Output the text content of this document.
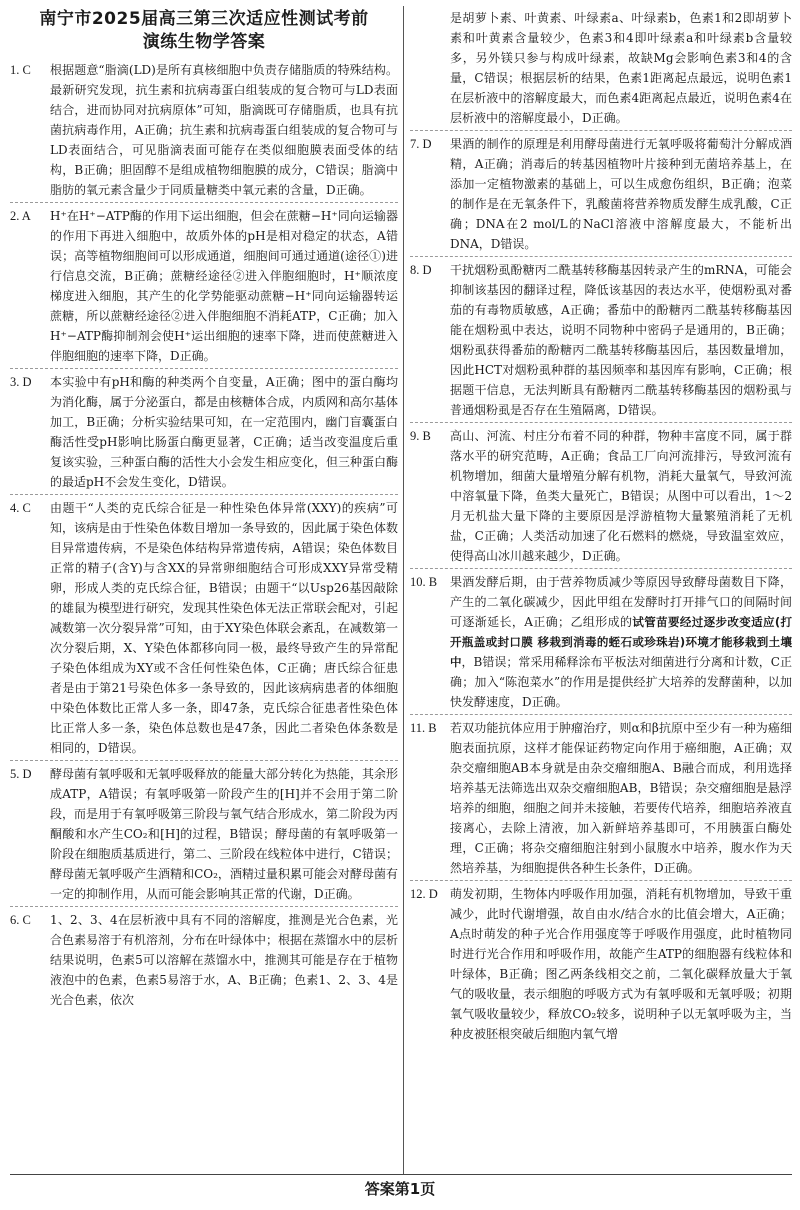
南宁市2025届高三第三次适应性测试考前
演练生物学答案
1. C	根据题意“脂滴(LD)是所有真核细胞中负责存储脂质的特殊结构。最新研究发现，抗生素和抗病毒蛋白组装成的复合物可与LD表面结合，进而协同对抗病原体”可知，脂滴既可存储脂质，也具有抗菌抗病毒作用，A正确；抗生素和抗病毒蛋白组装成的复合物可与LD表面结合，可见脂滴表面可能存在类似细胞膜表面受体的结构，B正确；胆固醇不是组成植物细胞膜的成分，C错误；脂滴中脂肪的氧元素含量少于同质量糖类中氧元素的含量，D正确。
2. A	H⁺在H⁺−ATP酶的作用下运出细胞，但会在蔗糖−H⁺同向运输器的作用下再进入细胞中，故质外体的pH是相对稳定的状态，A错误；高等植物细胞间可以形成通道，细胞间可通过通道(途径①)进行信息交流，B正确；蔗糖经途径②进入伴胞细胞时，H⁺顺浓度梯度进入细胞，其产生的化学势能驱动蔗糖−H⁺同向运输器转运蔗糖，所以蔗糖经途径②进入伴胞细胞不消耗ATP，C正确；加入H⁺−ATP酶抑制剂会使H⁺运出细胞的速率下降，进而使蔗糖进入伴胞细胞的速率下降，D正确。
3. D	本实验中有pH和酶的种类两个自变量，A正确；图中的蛋白酶均为消化酶，属于分泌蛋白，都是由核糖体合成，内质网和高尔基体加工，B正确；分析实验结果可知，在一定范围内，幽门盲囊蛋白酶活性受pH影响比肠蛋白酶更显著，C正确；适当改变温度后重复该实验，三种蛋白酶的活性大小会发生相应变化，但三种蛋白酶的最适pH不会发生变化，D错误。
4. C	由题干“人类的克氏综合征是一种性染色体异常(XXY)的疾病”可知，该病是由于性染色体数目增加一条导致的，因此属于染色体数目异常遗传病，不是染色体结构异常遗传病，A错误；染色体数目正常的精子(含Y)与含XX的异常卵细胞结合可形成XXY异常受精卵，形成人类的克氏综合征，B错误；由题干“以Usp26基因敲除的雄鼠为模型进行研究，发现其性染色体无法正常联会配对，引起减数第一次分裂异常”可知，由于XY染色体联会紊乱，在减数第一次分裂后期，X、Y染色体都移向同一极，最终导致产生的异常配子染色体组成为XY或不含任何性染色体，C正确；唐氏综合征患者是由于第21号染色体多一条导致的，因此该病病患者的体细胞中染色体数比正常人多一条，即47条，克氏综合征患者性染色体比正常人多一条，染色体总数也是47条，因此二者染色体条数是相同的，D错误。
5. D	酵母菌有氧呼吸和无氧呼吸释放的能量大部分转化为热能，其余形成ATP，A错误；有氧呼吸第一阶段产生的[H]并不会用于第二阶段，而是用于有氧呼吸第三阶段与氧气结合形成水，第二阶段为丙酮酸和水产生CO₂和[H]的过程，B错误；酵母菌的有氧呼吸第一阶段在细胞质基质进行，第二、三阶段在线粒体中进行，C错误；酵母菌无氧呼吸产生酒精和CO₂，酒精过量积累可能会对酵母菌有一定的抑制作用，从而可能会影响其正常的代谢，D正确。
6. C	1、2、3、4在层析液中具有不同的溶解度，推测是光合色素，光合色素易溶于有机溶剂，分布在叶绿体中；根据在蒸馏水中的层析结果说明，色素5可以溶解在蒸馏水中，推测其可能是存在于植物液泡中的色素，色素5易溶于水，A、B正确；色素1、2、3、4是光合色素，依次

是胡萝卜素、叶黄素、叶绿素a、叶绿素b，色素1和2即胡萝卜素和叶黄素含量较少，色素3和4即叶绿素a和叶绿素b含量较多，另外镁只参与构成叶绿素，故缺Mg会影响色素3和4的含量，C错误；根据层析的结果，色素1距离起点最远，说明色素1在层析液中的溶解度最大，而色素4距离起点最近，说明色素4在层析液中的溶解度最小，D正确。

7. D	果酒的制作的原理是利用酵母菌进行无氧呼吸将葡萄汁分解成酒精，A正确；消毒后的转基因植物叶片接种到无菌培养基上，在添加一定植物激素的基础上，可以生成愈伤组织，B正确；泡菜的制作是在无氧条件下，乳酸菌将营养物质发酵生成乳酸，C正确；DNA在2 mol/L的NaCl溶液中溶解度最大，不能析出DNA，D错误。
8. D	干扰烟粉虱酚糖丙二酰基转移酶基因转录产生的mRNA，可能会抑制该基因的翻译过程，降低该基因的表达水平，使烟粉虱对番茄的有毒物质敏感，A正确；番茄中的酚糖丙二酰基转移酶基因能在烟粉虱中表达，说明不同物种中密码子是通用的，B正确；烟粉虱获得番茄的酚糖丙二酰基转移酶基因后，基因数量增加，因此HCT对烟粉虱种群的基因频率和基因库有影响，C正确；根据题干信息，无法判断具有酚糖丙二酰基转移酶基因的烟粉虱与普通烟粉虱是否存在生殖隔离，D错误。
9. B	高山、河流、村庄分布着不同的种群，物种丰富度不同，属于群落水平的研究范畴，A正确；食品工厂向河流排污，导致河流有机物增加，细菌大量增殖分解有机物，消耗大量氧气，导致河流中溶氧量下降，鱼类大量死亡，B错误；从图中可以看出，1～2月无机盐大量下降的主要原因是浮游植物大量繁殖消耗了无机盐，C正确；人类活动加速了化石燃料的燃烧，导致温室效应，使得高山冰川越来越少，D正确。
10. B	果酒发酵后期，由于营养物质减少等原因导致酵母菌数目下降，产生的二氧化碳减少，因此甲组在发酵时打开排气口的间隔时间可逐渐延长，A正确；乙组形成的试管苗要经过逐步改变适应(打开瓶盖或封口膜 移栽到消毒的蛭石或珍珠岩)环境才能移栽到土壤中，B错误；常采用稀释涂布平板法对细菌进行分离和计数，C正确；加入“陈泡菜水”的作用是提供经扩大培养的发酵菌种，以加快发酵速度，D正确。
11. B	若双功能抗体应用于肿瘤治疗，则α和β抗原中至少有一种为癌细胞表面抗原，这样才能保证药物定向作用于癌细胞，A正确；双杂交瘤细胞AB本身就是由杂交瘤细胞A、B融合而成，利用选择培养基无法筛选出双杂交瘤细胞AB，B错误；杂交瘤细胞是悬浮培养的细胞，细胞之间并未接触，若要传代培养，细胞培养液直接离心，去除上清液，加入新鲜培养基即可，不用胰蛋白酶处理，C正确；将杂交瘤细胞注射到小鼠腹水中培养，腹水作为天然培养基，为细胞提供各种生长条件，D正确。
12. D	萌发初期，生物体内呼吸作用加强，消耗有机物增加，导致干重减少，此时代谢增强，故自由水/结合水的比值会增大，A正确；A点时萌发的种子光合作用强度等于呼吸作用强度，此时植物同时进行光合作用和呼吸作用，故能产生ATP的细胞器有线粒体和叶绿体，B正确；图乙两条线相交之前，二氧化碳释放量大于氧气的吸收量，表示细胞的呼吸方式为有氧呼吸和无氧呼吸；初期氧气吸收量较少，释放CO₂较多，说明种子以无氧呼吸为主，当种皮被胚根突破后细胞内氧气增
答案第1页
